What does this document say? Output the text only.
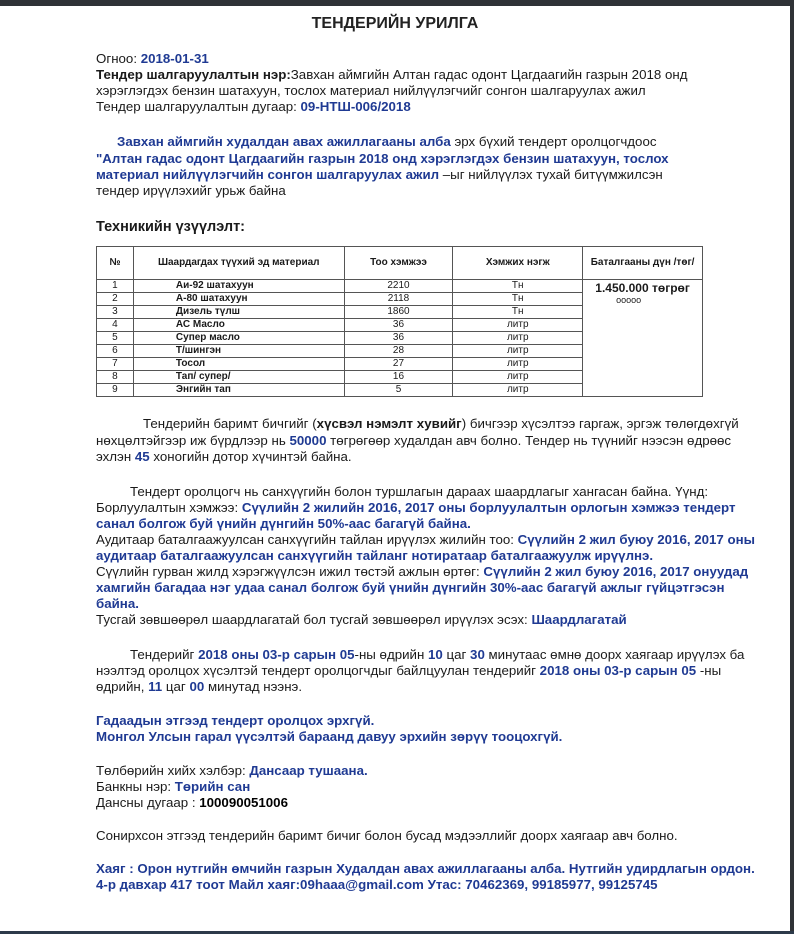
ТЕНДЕРИЙН УРИЛГА
Огноо: 2018-01-31
Тендер шалгаруулалтын нэр:Завхан аймгийн Алтан гадас одонт Цагдаагийн газрын 2018 онд
хэрэглэгдэх бензин шатахуун, тослох материал нийлүүлэгчийг сонгон шалгаруулах ажил
Тендер шалгаруулалтын дугаар: 09-НТШ-006/2018
Завхан аймгийн худалдан авах ажиллагааны алба эрх бүхий тендерт оролцогчдоос
"Алтан гадас одонт Цагдаагийн газрын 2018 онд хэрэглэгдэх бензин шатахуун, тослох
материал нийлүүлэгчийн сонгон шалгаруулах ажил –ыг нийлүүлэх тухай битүүмжилсэн
тендер ирүүлэхийг урьж байна
Техникийн үзүүлэлт:
№	Шаардагдах түүхий эд материал	Тоо хэмжээ	Хэмжих нэгж	Баталгааны дүн /төг/
1	Аи-92 шатахуун	2210	Тн	1.450.000 төгрөг
ооооо

2	А-80 шатахуун	2118	Тн	
3	Дизель түлш	1860	Тн	
4	АС Масло	36	литр	
5	Супер масло	36	литр	
6	Т/шингэн	28	литр	
7	Тосол	27	литр	
8	Тап/ супер/	16	литр	
9	Энгийн тап	5	литр	
Тендерийн баримт бичгийг (хүсвэл нэмэлт хувийг) бичгээр хүсэлтээ гаргаж, эргэж төлөгдөхгүй
нөхцөлтэйгээр иж бүрдлээр нь 50000 төгрөгөөр худалдан авч болно. Тендер нь түүнийг нээсэн өдрөөс
эхлэн 45 хоногийн дотор хүчинтэй байна.
Тендерт оролцогч нь санхүүгийн болон туршлагын дараах шаардлагыг хангасан байна. Үүнд:
Борлуулалтын хэмжээ: Сүүлийн 2 жилийн 2016, 2017 оны борлуулалтын орлогын хэмжээ тендерт
санал болгож буй үнийн дүнгийн 50%-аас багагүй байна.
Аудитаар баталгаажуулсан санхүүгийн тайлан ирүүлэх жилийн тоо: Сүүлийн 2 жил буюу 2016, 2017 оны
аудитаар баталгаажуулсан санхүүгийн тайланг нотиратаар баталгаажуулж ирүүлнэ.
Сүүлийн гурван жилд хэрэгжүүлсэн ижил төстэй ажлын өртөг: Сүүлийн 2 жил буюу 2016, 2017 онуудад
хамгийн багадаа нэг удаа санал болгож буй үнийн дүнгийн 30%-аас багагүй ажлыг гүйцэтгэсэн
байна.
Тусгай зөвшөөрөл шаардлагатай бол тусгай зөвшөөрөл ирүүлэх эсэх: Шаардлагатай
Тендерийг 2018 оны 03-р сарын 05-ны өдрийн 10 цаг 30 минутаас өмнө доорх хаягаар ирүүлэх ба
нээлтэд оролцох хүсэлтэй тендерт оролцогчдыг байлцуулан тендерийг 2018 оны 03-р сарын 05 -ны
өдрийн, 11 цаг 00 минутад нээнэ.
Гадаадын этгээд тендерт оролцох эрхгүй.
Монгол Улсын гарал үүсэлтэй бараанд давуу эрхийн зөрүү тооцохгүй.
Төлбөрийн хийх хэлбэр: Дансаар тушаана.
Банкны нэр: Төрийн сан
Дансны дугаар : 100090051006
Сонирхсон этгээд тендерийн баримт бичиг болон бусад мэдээллийг доорх хаягаар авч болно.
Хаяг : Орон нутгийн өмчийн газрын Худалдан авах ажиллагааны алба. Нутгийн удирдлагын ордон.
4-р давхар 417 тоот Майл хаяг:09haaa@gmail.com Утас: 70462369, 99185977, 99125745
